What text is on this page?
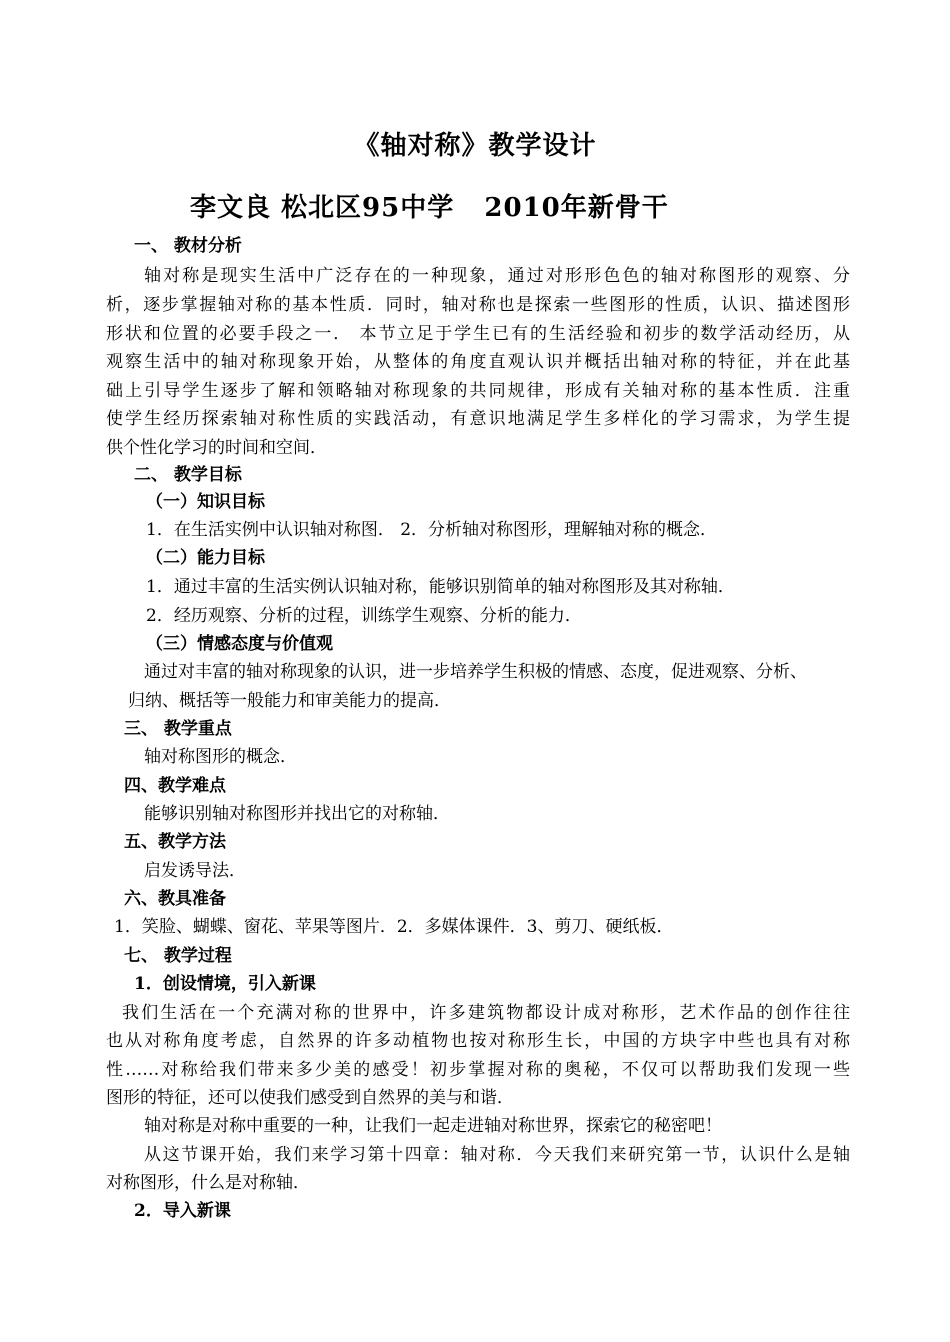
《轴对称》教学设计
李文良 松北区95中学   2010年新骨干
一、 教材分析
轴对称是现实生活中广泛存在的一种现象，通过对形形色色的轴对称图形的观察、分
析，逐步掌握轴对称的基本性质．同时，轴对称也是探索一些图形的性质，认识、描述图形
形状和位置的必要手段之一． 本节立足于学生已有的生活经验和初步的数学活动经历，从
观察生活中的轴对称现象开始，从整体的角度直观认识并概括出轴对称的特征，并在此基
础上引导学生逐步了解和领略轴对称现象的共同规律，形成有关轴对称的基本性质．注重
使学生经历探索轴对称性质的实践活动，有意识地满足学生多样化的学习需求，为学生提
供个性化学习的时间和空间．
二、 教学目标
（一）知识目标
1．在生活实例中认识轴对称图． 2．分析轴对称图形，理解轴对称的概念．
（二）能力目标
1．通过丰富的生活实例认识轴对称，能够识别简单的轴对称图形及其对称轴．
2．经历观察、分析的过程，训练学生观察、分析的能力．
（三）情感态度与价值观
通过对丰富的轴对称现象的认识，进一步培养学生积极的情感、态度，促进观察、分析、
归纳、概括等一般能力和审美能力的提高．
三、 教学重点
轴对称图形的概念．
四、教学难点
能够识别轴对称图形并找出它的对称轴．
五、教学方法
启发诱导法．
六、教具准备
1．笑脸、蝴蝶、窗花、苹果等图片．2．多媒体课件．3、剪刀、硬纸板．
七、 教学过程
1．创设情境，引入新课
我们生活在一个充满对称的世界中，许多建筑物都设计成对称形，艺术作品的创作往往
也从对称角度考虑，自然界的许多动植物也按对称形生长，中国的方块字中些也具有对称
性……对称给我们带来多少美的感受！初步掌握对称的奥秘，不仅可以帮助我们发现一些
图形的特征，还可以使我们感受到自然界的美与和谐．
轴对称是对称中重要的一种，让我们一起走进轴对称世界，探索它的秘密吧！
从这节课开始，我们来学习第十四章：轴对称．今天我们来研究第一节，认识什么是轴
对称图形，什么是对称轴．
2．导入新课
